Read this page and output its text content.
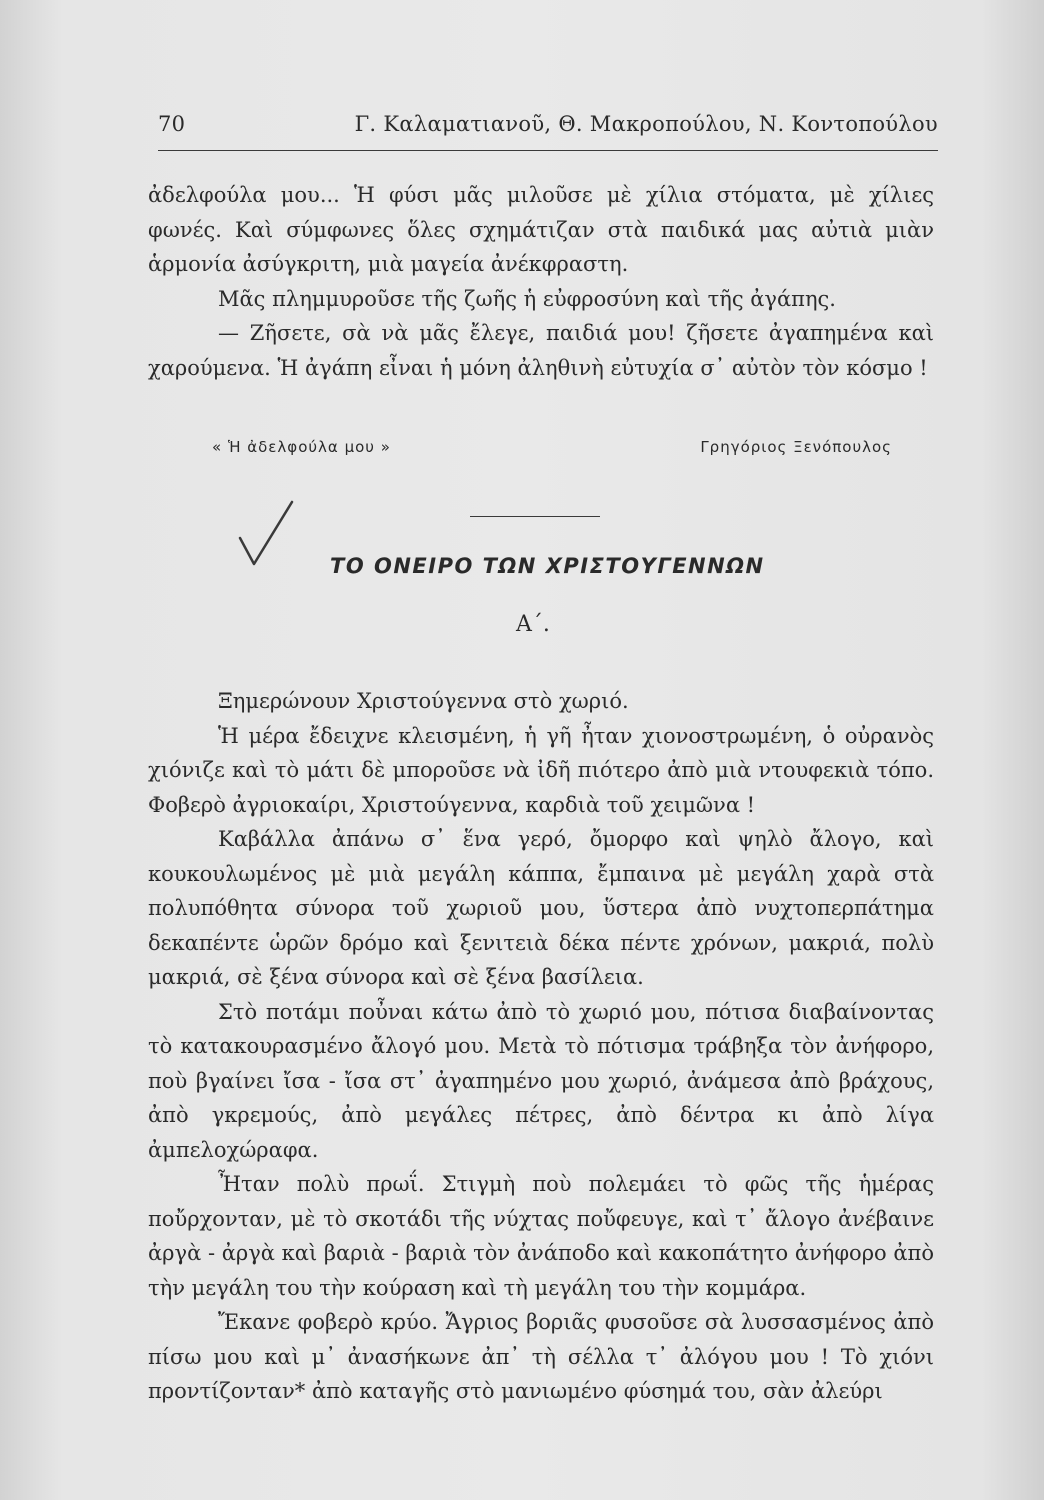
70	Γ. Καλαματιανοῦ, Θ. Μακροπούλου, Ν. Κοντοπούλου

ἀδελφούλα μου... Ἡ φύσι μᾶς μιλοῦσε μὲ χίλια στόματα, μὲ χίλιες φωνές. Καὶ σύμφωνες ὅλες σχημάτιζαν στὰ παιδικά μας αὐτιὰ μιὰν ἁρμονία ἀσύγκριτη, μιὰ μαγεία ἀνέκφραστη.

Μᾶς πλημμυροῦσε τῆς ζωῆς ἡ εὐφροσύνη καὶ τῆς ἀγάπης.

— Ζῆσετε, σὰ νὰ μᾶς ἔλεγε, παιδιά μου! ζῆσετε ἀγαπημένα καὶ χαρούμενα. Ἡ ἀγάπη εἶναι ἡ μόνη ἀληθινὴ εὐτυχία σ᾽ αὐτὸν τὸν κόσμο !

« Ἡ ἀδελφούλα μου »	Γρηγόριος Ξενόπουλος
ΤΟ ΟΝΕΙΡΟ ΤΩΝ ΧΡΙΣΤΟΥΓΕΝΝΩΝ
Α΄.

Ξημερώνουν Χριστούγεννα στὸ χωριό.

Ἡ μέρα ἔδειχνε κλεισμένη, ἡ γῆ ἦταν χιονοστρωμένη, ὁ οὐρανὸς χιόνιζε καὶ τὸ μάτι δὲ μποροῦσε νὰ ἰδῆ πιότερο ἀπὸ μιὰ ντουφεκιὰ τόπο. Φοβερὸ ἀγριοκαίρι, Χριστούγεννα, καρδιὰ τοῦ χειμῶνα !

Καβάλλα ἀπάνω σ᾽ ἕνα γερό, ὄμορφο καὶ ψηλὸ ἄλογο, καὶ κουκουλωμένος μὲ μιὰ μεγάλη κάππα, ἔμπαινα μὲ μεγάλη χαρὰ στὰ πολυπόθητα σύνορα τοῦ χωριοῦ μου, ὕστερα ἀπὸ νυχτοπερπάτημα δεκαπέντε ὡρῶν δρόμο καὶ ξενιτειὰ δέκα πέντε χρόνων, μακριά, πολὺ μακριά, σὲ ξένα σύνορα καὶ σὲ ξένα βασίλεια.

Στὸ ποτάμι ποὖναι κάτω ἀπὸ τὸ χωριό μου, πότισα διαβαίνοντας τὸ κατακουρασμένο ἄλογό μου. Μετὰ τὸ πότισμα τράβηξα τὸν ἀνήφορο, ποὺ βγαίνει ἴσα - ἴσα στ᾽ ἀγαπημένο μου χωριό, ἀνάμεσα ἀπὸ βράχους, ἀπὸ γκρεμούς, ἀπὸ μεγάλες πέτρες, ἀπὸ δέντρα κι ἀπὸ λίγα ἀμπελοχώραφα.

Ἦταν πολὺ πρωΐ. Στιγμὴ ποὺ πολεμάει τὸ φῶς τῆς ἡμέρας ποὔρχονταν, μὲ τὸ σκοτάδι τῆς νύχτας ποὔφευγε, καὶ τ᾽ ἄλογο ἀνέβαινε ἀργὰ - ἀργὰ καὶ βαριὰ - βαριὰ τὸν ἀνάποδο καὶ κακοπάτητο ἀνήφορο ἀπὸ τὴν μεγάλη του τὴν κούραση καὶ τὴ μεγάλη του τὴν κομμάρα.

Ἔκανε φοβερὸ κρύο. Ἄγριος βοριᾶς φυσοῦσε σὰ λυσσασμένος ἀπὸ πίσω μου καὶ μ᾽ ἀνασήκωνε ἀπ᾽ τὴ σέλλα τ᾽ ἀλόγου μου ! Τὸ χιόνι προντίζονταν* ἀπὸ καταγῆς στὸ μανιωμένο φύσημά του, σὰν ἀλεύρι
